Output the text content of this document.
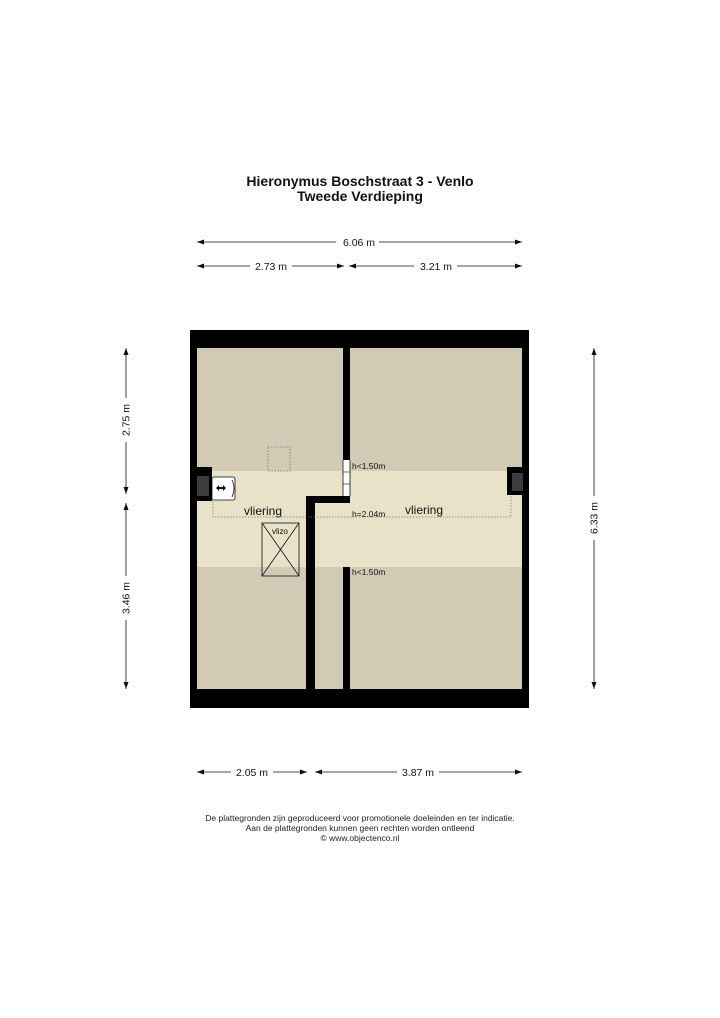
Hieronymus Boschstraat 3 - Venlo
Tweede Verdieping
6.06 m
2.73 m	3.21 m
2.05 m	3.87 m
2.75 m
3.46 m
6.33 m
vliering	vliering
vlizo
h<1.50m
h=2.04m
h<1.50m
De plattegronden zijn geproduceerd voor promotionele doeleinden en ter indicatie.
Aan de plattegronden kunnen geen rechten worden ontleend
© www.objectenco.nl
